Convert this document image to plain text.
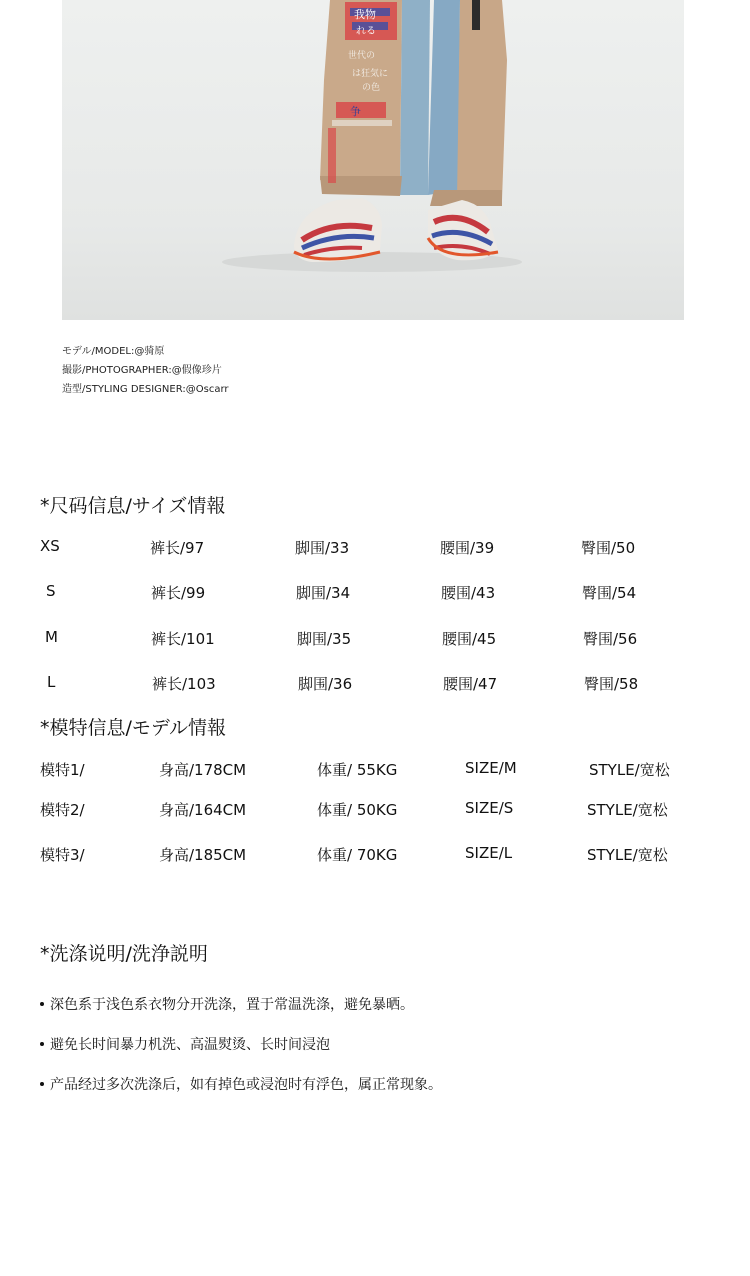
我物
れる
世代の
は狂気に
の色
争
モデル/MODEL:@骑原
撮影/PHOTOGRAPHER:@假像珍片
造型/STYLING DESIGNER:@Oscarr
*尺码信息/サイズ情報
XS	裤长/97	脚围/33	腰围/39	臀围/50
S	裤长/99	脚围/34	腰围/43	臀围/54
M	裤长/101	脚围/35	腰围/45	臀围/56
L	裤长/103	脚围/36	腰围/47	臀围/58
*模特信息/モデル情報
模特1/	身高/178CM	体重/ 55KG	SIZE/M	STYLE/宽松
模特2/	身高/164CM	体重/ 50KG	SIZE/S	STYLE/宽松
模特3/	身高/185CM	体重/ 70KG	SIZE/L	STYLE/宽松
*洗涤说明/洗浄説明
深色系于浅色系衣物分开洗涤，置于常温洗涤，避免暴晒。
避免长时间暴力机洗、高温熨烫、长时间浸泡
产品经过多次洗涤后，如有掉色或浸泡时有浮色，属正常现象。
